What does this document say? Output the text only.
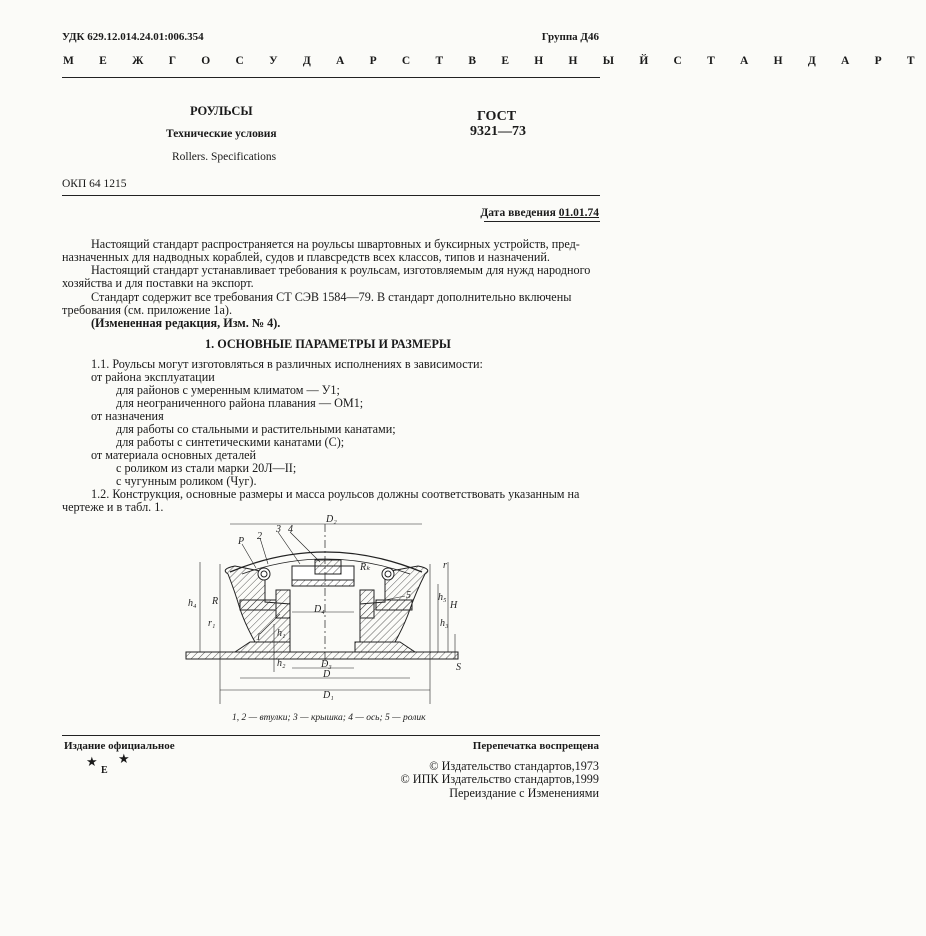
УДК 629.12.014.24.01:006.354	Группа Д46
М Е Ж Г О С У Д А Р С Т В Е Н Н Ы Й С Т А Н Д А Р Т
РОУЛЬСЫ
Технические условия
Rollers. Specifications
ГОСТ
9321—73
ОКП 64 1215
Дата введения 01.01.74
Настоящий стандарт распространяется на роульсы швартовных и буксирных устройств, пред-
назначенных для надводных кораблей, судов и плавсредств всех классов, типов и назначений.
Настоящий стандарт устанавливает требования к роульсам, изготовляемым для нужд народного
хозяйства и для поставки на экспорт.
Стандарт содержит все требования СТ СЭВ 1584—79. В стандарт дополнительно включены
требования (см. приложение 1а).
(Измененная редакция, Изм. № 4).
1. ОСНОВНЫЕ ПАРАМЕТРЫ И РАЗМЕРЫ
1.1. Роульсы могут изготовляться в различных исполнениях в зависимости:
от района эксплуатации
для районов с умеренным климатом — У1;
для неограниченного района плавания — ОМ1;
от назначения
для работы со стальными и растительными канатами;
для работы с синтетическими канатами (С);
от материала основных деталей
с роликом из стали марки 20Л—II;
с чугунным роликом (Чуг).
1.2. Конструкция, основные размеры и масса роульсов должны соответствовать указанным на
чертеже и в табл. 1.
D₂
D₄
D₃
D
D₁
P 2
3 4
5
1
R
r₁
r
Rₖ
H
h₁
h₂
h₃
h₄
h₅
S
1, 2 — втулки; 3 — крышка; 4 — ось; 5 — ролик
Издание официальное	Перепечатка воспрещена
★ ★
E	© Издательство стандартов,1973
© ИПК Издательство стандартов,1999
Переиздание с Изменениями
